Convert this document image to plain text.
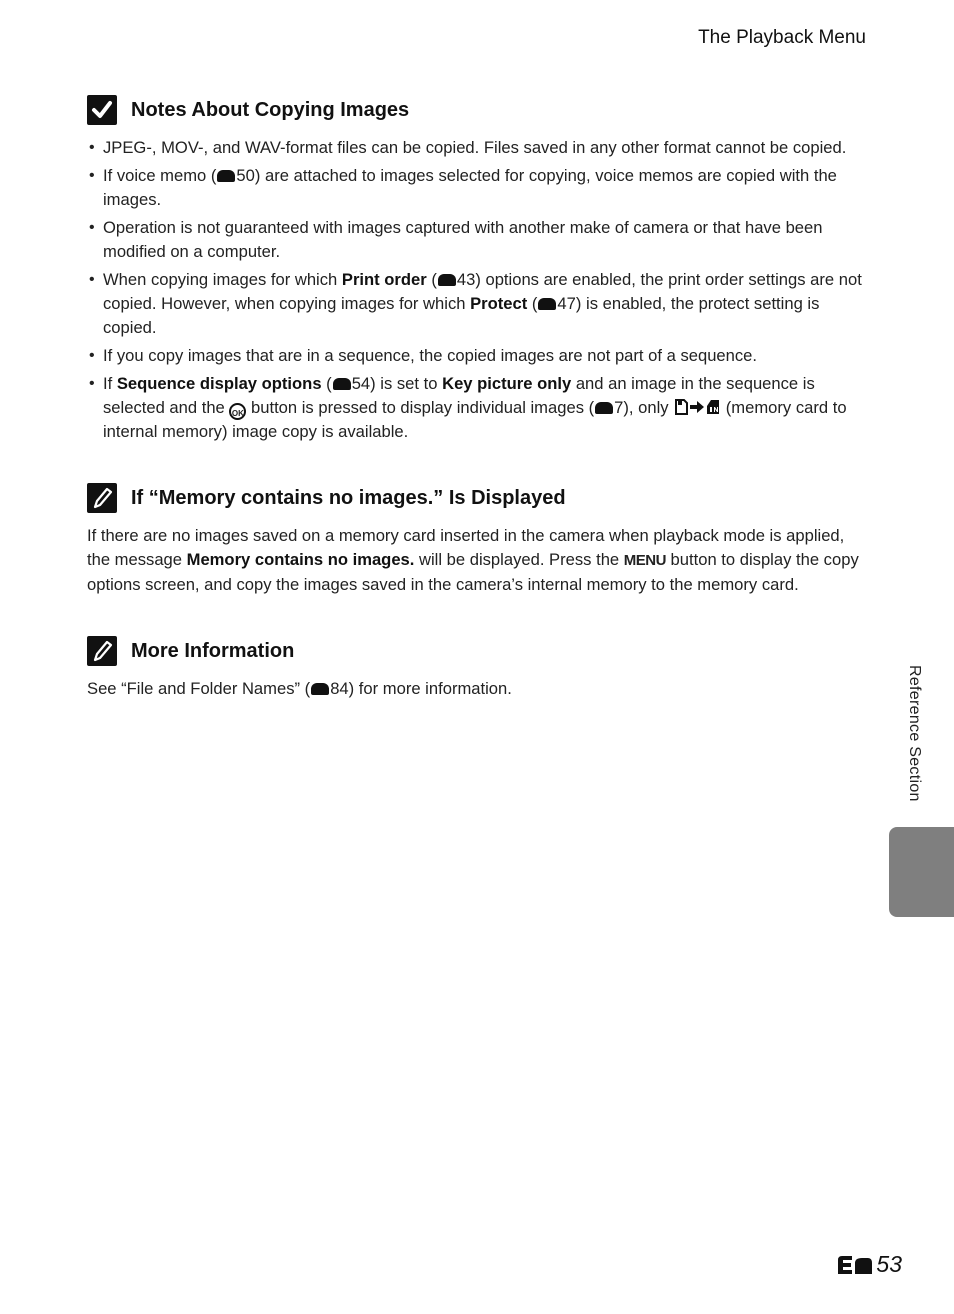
The Playback Menu
Notes About Copying Images
• JPEG-, MOV-, and WAV-format files can be copied. Files saved in any other format cannot be copied.
• If voice memo ( 50) are attached to images selected for copying, voice memos are copied with the images.
• Operation is not guaranteed with images captured with another make of camera or that have been modified on a computer.
• When copying images for which Print order ( 43) options are enabled, the print order settings are not copied. However, when copying images for which Protect ( 47) is enabled, the protect setting is copied.
• If you copy images that are in a sequence, the copied images are not part of a sequence.
• If Sequence display options ( 54) is set to Key picture only and an image in the sequence is selected and the OK button is pressed to display individual images ( 7), only	(memory card to internal memory) image copy is available.
If “Memory contains no images.” Is Displayed
If there are no images saved on a memory card inserted in the camera when playback mode is applied, the message Memory contains no images. will be displayed. Press the MENU button to display the copy options screen, and copy the images saved in the camera’s internal memory to the memory card.
More Information
See “File and Folder Names” ( 84) for more information.	Reference Section
53
